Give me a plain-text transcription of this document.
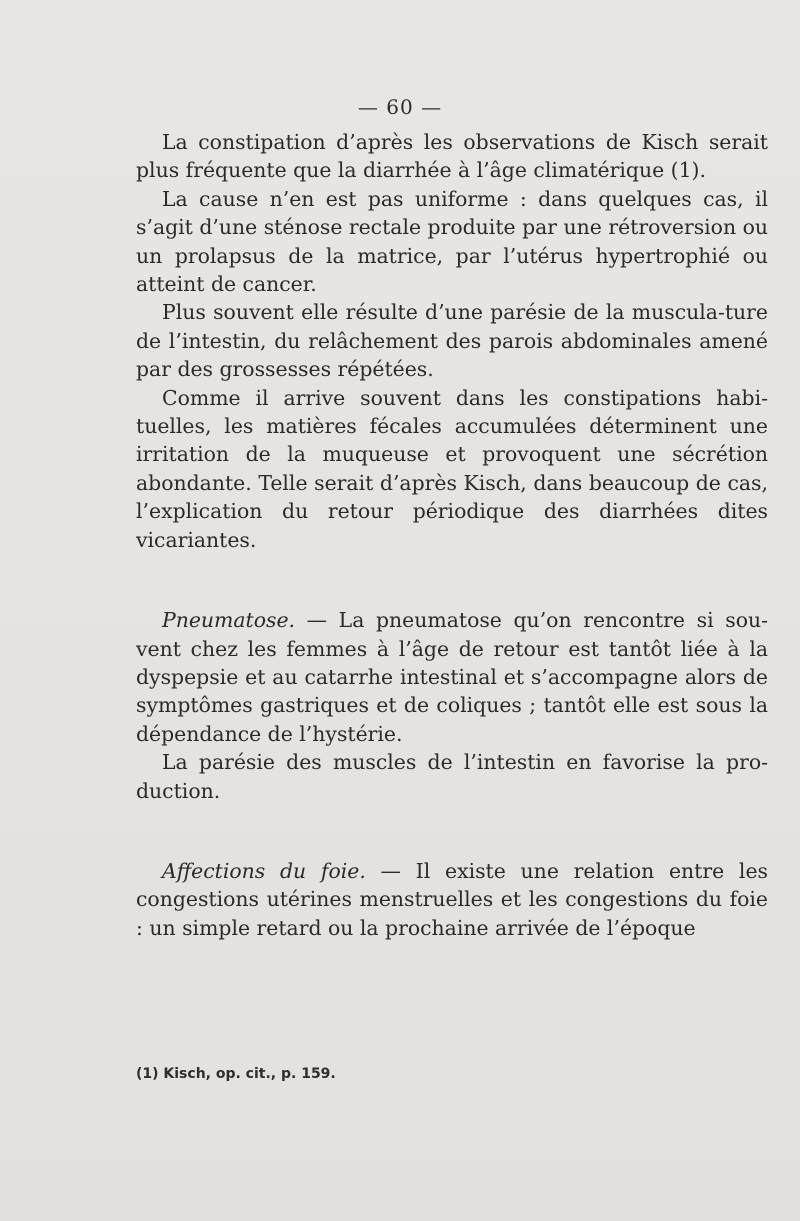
— 60 —

La constipation d’après les observations de Kisch serait plus fréquente que la diarrhée à l’âge climatérique (1).

La cause n’en est pas uniforme : dans quelques cas, il s’agit d’une sténose rectale produite par une rétroversion ou un prolapsus de la matrice, par l’utérus hypertrophié ou atteint de cancer.

Plus souvent elle résulte d’une parésie de la muscula-ture de l’intestin, du relâchement des parois abdominales amené par des grossesses répétées.

Comme il arrive souvent dans les constipations habi-tuelles, les matières fécales accumulées déterminent une irritation de la muqueuse et provoquent une sécrétion abondante. Telle serait d’après Kisch, dans beaucoup de cas, l’explication du retour périodique des diarrhées dites vicariantes.

Pneumatose. — La pneumatose qu’on rencontre si sou-vent chez les femmes à l’âge de retour est tantôt liée à la dyspepsie et au catarrhe intestinal et s’accompagne alors de symptômes gastriques et de coliques ; tantôt elle est sous la dépendance de l’hystérie.

La parésie des muscles de l’intestin en favorise la pro-duction.

Affections du foie. — Il existe une relation entre les congestions utérines menstruelles et les congestions du foie : un simple retard ou la prochaine arrivée de l’époque

(1) Kisch, op. cit., p. 159.
